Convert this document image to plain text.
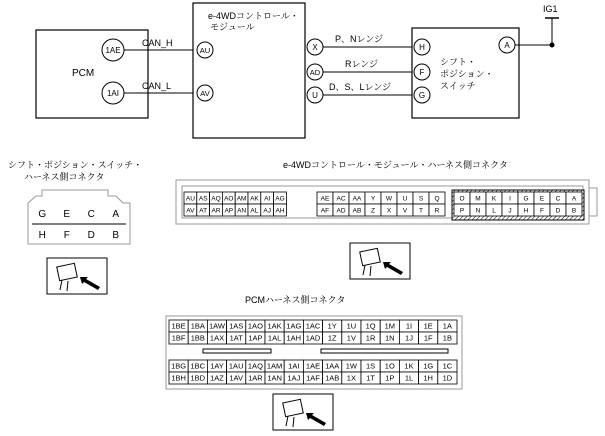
PCM
1AE
1AI
CAN_H
CAN_L
e-4WDコントロール・
モジュール
AU
AV
X
AD
U
P、Nレンジ
Rレンジ
D、S、Lレンジ
シフト・
ポジション・
スイッチ
H
F
G
A
IG1
シフト・ポジション・スイッチ・
ハーネス側コネクタ
G E C A
H F D B
e-4WDコントロール・モジュール・ハーネス側コネクタ
AU AS AQ AO AM AK AI AG
AV AT AR AP AN AL AJ AH
AE AC AA Y W U S Q
AF AD AB Z X V T R
O M K I G E C A
P N L J H F D B
PCMハーネス側コネクタ
1BE 1BA 1AW 1AS 1AO 1AK 1AG 1AC 1Y 1U 1Q 1M 1I 1E 1A
1BF 1BB 1AX 1AT 1AP 1AL 1AH 1AD 1Z 1V 1R 1N 1J 1F 1B
1BG 1BC 1AY 1AU 1AQ 1AM 1AI 1AE 1AA 1W 1S 1O 1K 1G 1C
1BH 1BD 1AZ 1AV 1AR 1AN 1AJ 1AF 1AB 1X 1T 1P 1L 1H 1D
